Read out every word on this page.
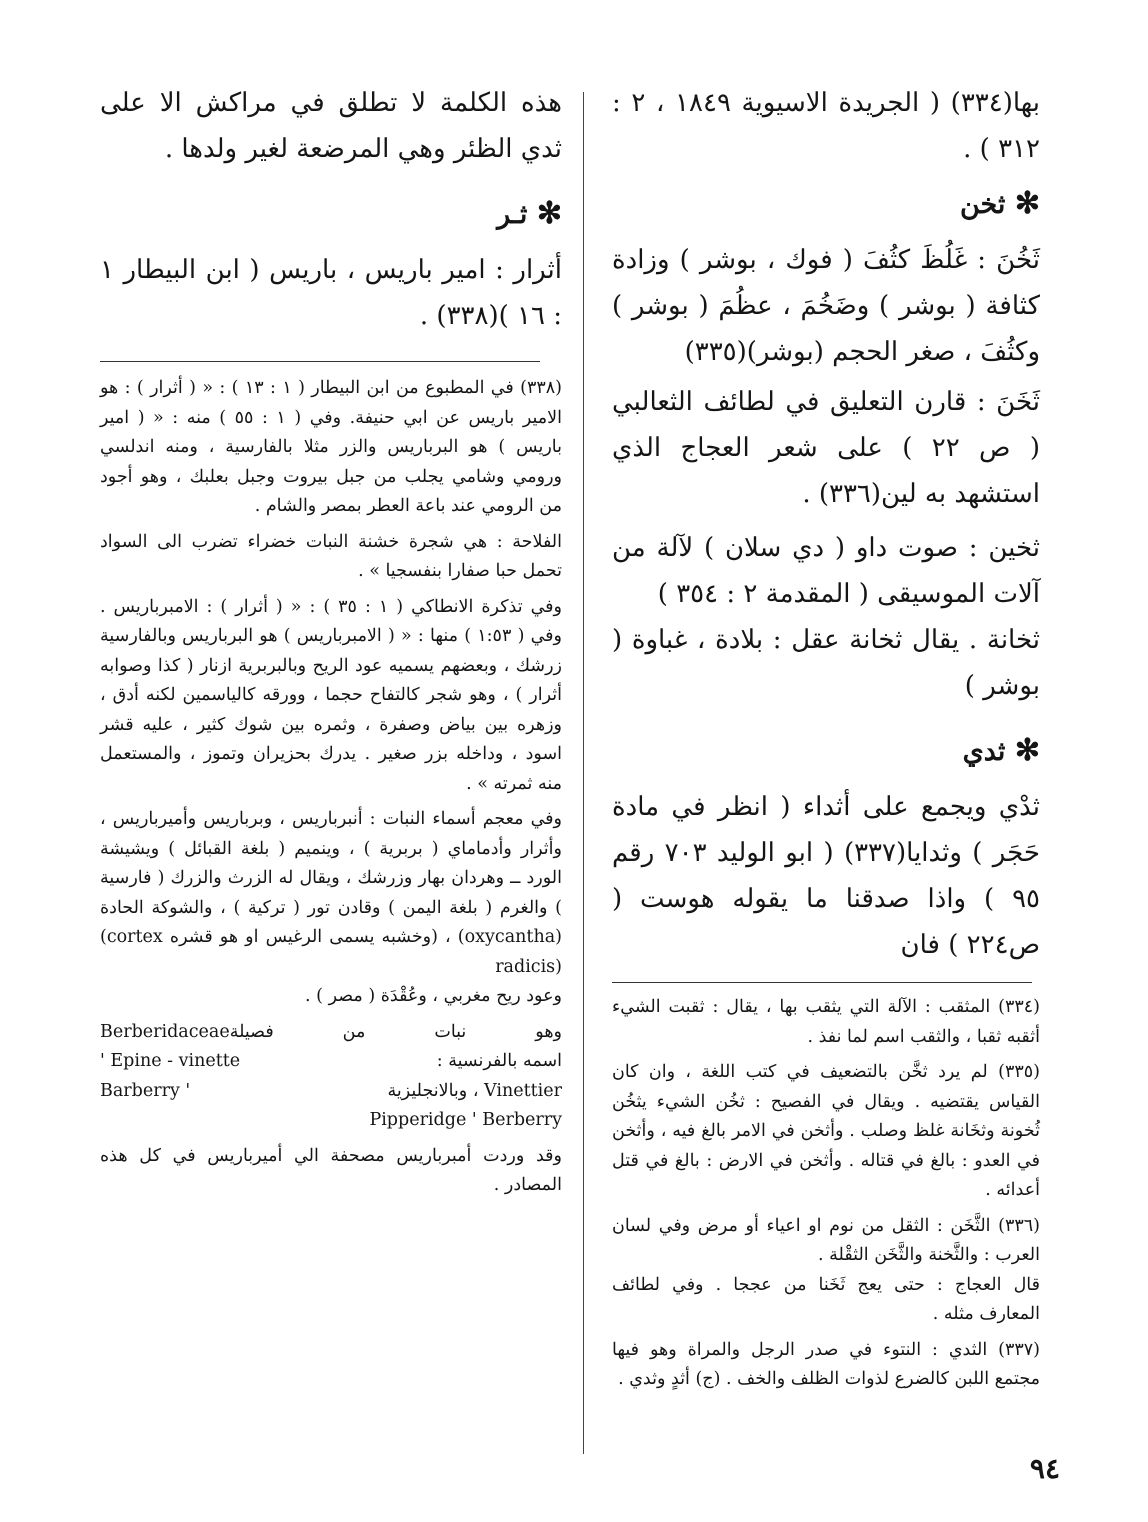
بها(٣٣٤) ( الجريدة الاسيوية ١٨٤٩ ، ٢ : ٣١٢ ) .

✻ ثخن

ثَخُنَ : غَلُظَ كثُفَ ( فوك ، بوشر ) وزادة كثافة ( بوشر ) وضَخُمَ ، عظُمَ ( بوشر ) وكثُفَ ، صغر الحجم (بوشر)(٣٣٥)

ثَخَنَ : قارن التعليق في لطائف الثعالبي ( ص ٢٢ ) على شعر العجاج الذي استشهد به لين(٣٣٦) .

ثخين : صوت داو ( دي سلان ) لآلة من آلات الموسيقى ( المقدمة ٢ : ٣٥٤ )

ثخانة . يقال ثخانة عقل : بلادة ، غباوة ( بوشر )

✻ ثدي

ثدْي ويجمع على أثداء ( انظر في مادة حَجَر ) وثدايا(٣٣٧) ( ابو الوليد ٧٠٣ رقم ٩٥ ) واذا صدقنا ما يقوله هوست ( ص٢٢٤ ) فان

(٣٣٤) المثقب : الآلة التي يثقب بها ، يقال : ثقبت الشيء أثقبه ثقبا ، والثقب اسم لما نفذ .

(٣٣٥) لم يرد ثخَّن بالتضعيف في كتب اللغة ، وان كان القياس يقتضيه . ويقال في الفصيح : ثخُن الشيء يثخُن ثُخونة وثخَانة غلظ وصلب . وأثخن في الامر بالغ فيه ، وأثخن في العدو : بالغ في قتاله . وأثخن في الارض : بالغ في قتل أعدائه .

(٣٣٦) الثَّخَن : الثقل من نوم او اعياء أو مرض وفي لسان العرب : والثَّخنة والثَّخَن الثقْلة .

قال العجاج : حتى يعج ثَخَنا من عججا . وفي لطائف المعارف مثله .

(٣٣٧) الثدي : النتوء في صدر الرجل والمراة وهو فيها مجتمع اللبن كالضرع لذوات الظلف والخف . (ج) أثدٍ وثدي .

هذه الكلمة لا تطلق في مراكش الا على ثدي الظئر وهي المرضعة لغير ولدها .

✻ ثـر

أثرار : امير باريس ، باريس ( ابن البيطار ١ : ١٦ )(٣٣٨) .

(٣٣٨) في المطبوع من ابن البيطار ( ١ : ١٣ ) : « ( أثرار ) : هو الامير باريس عن ابي حنيفة. وفي ( ١ : ٥٥ ) منه : « ( امير باريس ) هو البرباريس والزر مثلا بالفارسية ، ومنه اندلسي ورومي وشامي يجلب من جبل بيروت وجبل بعلبك ، وهو أجود من الرومي عند باعة العطر بمصر والشام .

الفلاحة : هي شجرة خشنة النبات خضراء تضرب الى السواد تحمل حبا صفارا بنفسجيا » .

وفي تذكرة الانطاكي ( ١ : ٣٥ ) : « ( أثرار ) : الامبرباريس . وفي ( ١:٥٣ ) منها : « ( الامبرباريس ) هو البرباريس وبالفارسية زرشك ، وبعضهم يسميه عود الريح وبالبربرية ازنار ( كذا وصوابه أثرار ) ، وهو شجر كالتفاح حجما ، وورقه كالياسمين لكنه أدق ، وزهره بين بياض وصفرة ، وثمره بين شوك كثير ، عليه قشر اسود ، وداخله بزر صغير . يدرك بحزيران وتموز ، والمستعمل منه ثمرته » .

وفي معجم أسماء النبات : أنبرباريس ، وبرباريس وأميرباريس ، وأثرار وأدماماي ( بربرية ) ، وينميم ( بلغة القبائل ) ويشيشة الورد ــ وهردان بهار وزرشك ، ويقال له الزرث والزرك ( فارسية ) والغرم ( بلغة اليمن ) وقادن تور ( تركية ) ، والشوكة الحادة (oxycantha) ، (وخشبه يسمى الرغيس او هو قشره (cortex radicis)

وعود ريح مغربي ، وعُقْدَة ( مصر ) .

وهو نبات من فصيلة
Berberidaceae

اسمه بالفرنسية :
' Epine - vinette

Vinettier ، وبالانجليزية
Barberry '

Pipperidge ' Berberry

وقد وردت أمبرباريس مصحفة الي أميرباريس في كل هذه المصادر .

٩٤
